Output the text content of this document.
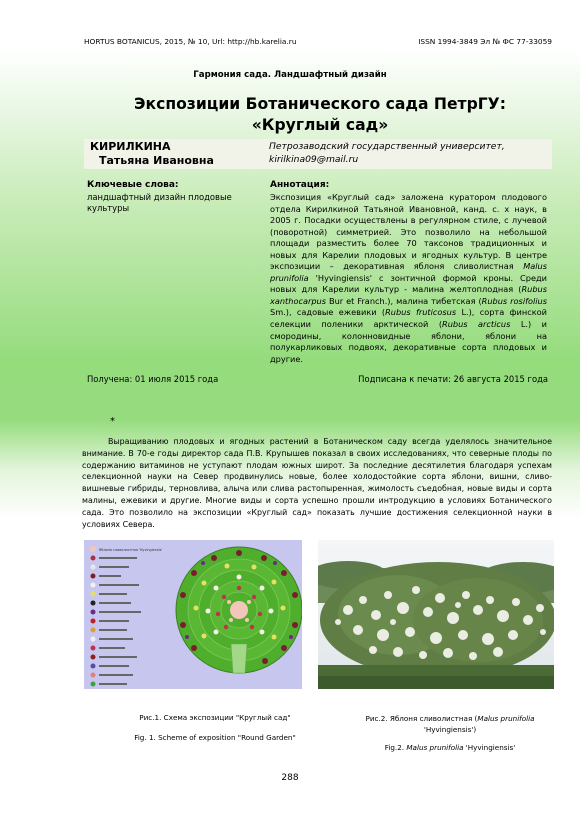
HORTUS BOTANICUS, 2015, № 10, Url: http://hb.karelia.ru	ISSN 1994-3849 Эл № ФС 77-33059
Гармония сада. Ландшафтный дизайн
Экспозиции Ботанического сада ПетрГУ:
«Круглый сад»
КИРИЛКИНА
Татьяна Ивановна
Петрозаводский государственный университет,
kirilkina09@mail.ru
Ключевые слова:
ландшафтный дизайн плодовые культуры
Аннотация:
Экспозиция «Круглый сад» заложена куратором плодового отдела Кирилкиной Татьяной Ивановной, канд. с. х наук, в 2005 г. Посадки осуществлены в регулярном стиле, с лучевой (поворотной) симметрией. Это позволило на небольшой площади разместить более 70 таксонов традиционных и новых для Карелии плодовых и ягодных культур. В центре экспозиции – декоративная яблоня сливолистная Malus prunifolia 'Hyvingiensis' с зонтичной формой кроны. Среди новых для Карелии культур - малина желтоплодная (Rubus xanthocarpus Bur et Franch.), малина тибетская (Rubus rosifolius Sm.), садовые ежевики (Rubus fruticosus L.), сорта финской селекции поленики арктической (Rubus arcticus L.) и смородины, колонновидные яблони, яблони на полукарликовых подвоях, декоративные сорта плодовых и другие.
Получена: 01 июля 2015 года	Подписана к печати: 26 августа 2015 года
*
Выращиванию плодовых и ягодных растений в Ботаническом саду всегда уделялось значительное внимание. В 70-е годы директор сада П.В. Крупышев показал в своих исследованиях, что северные плоды по содержанию витаминов не уступают плодам южных широт. За последние десятилетия благодаря успехам селекционной науки на Север продвинулись новые, более холодостойкие сорта яблони, вишни, сливо-вишневые гибриды, терновлива, алыча или слива растопыренная, жимолость съедобная, новые виды и сорта малины, ежевики и другие. Многие виды и сорта успешно прошли интродукцию в условиях Ботанического сада. Это позволило на экспозиции «Круглый сад» показать лучшие достижения селекционной науки в условиях Севера.
Яблоня сливолистная 'Hyvingiensis'
Рис.1. Схема экспозиции "Круглый сад"
Fig. 1. Scheme of exposition "Round Garden"
Рис.2. Яблоня сливолистная (Malus prunifolia 'Hyvingiensis')
Fig.2. Malus prunifolia 'Hyvingiensis'
288
